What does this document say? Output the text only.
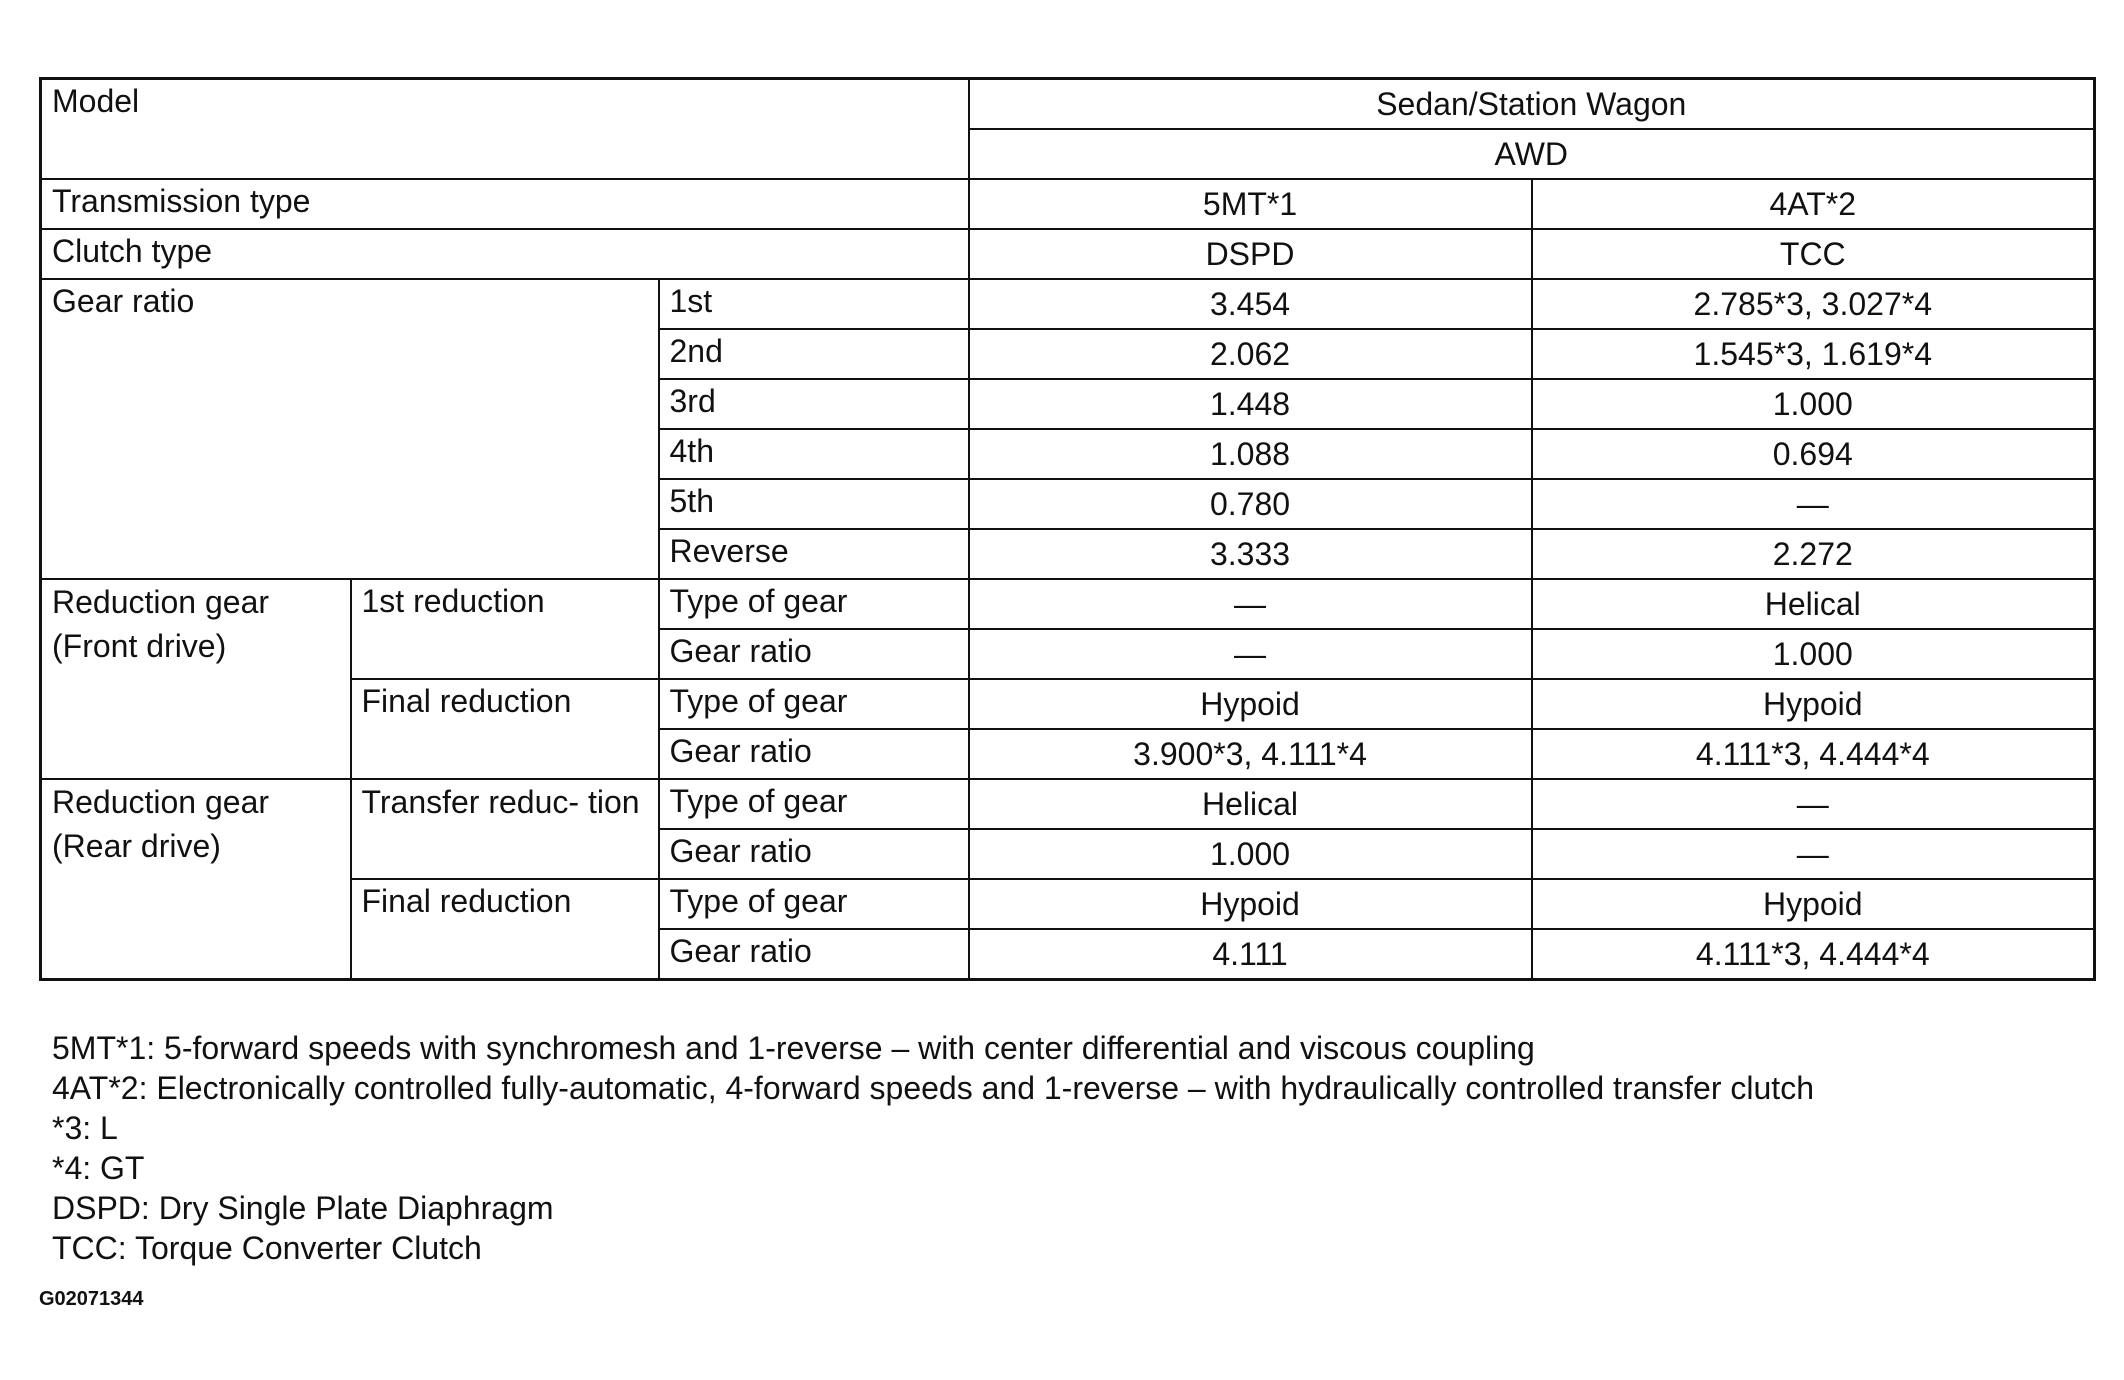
Model			Sedan/Station Wagon	
			AWD	
Transmission type			5MT*1	4AT*2
Clutch type			DSPD	TCC
Gear ratio		1st	3.454	2.785*3, 3.027*4
		2nd	2.062	1.545*3, 1.619*4
		3rd	1.448	1.000
		4th	1.088	0.694
		5th	0.780	—
		Reverse	3.333	2.272
Reduction gear (Front drive)	1st reduction	Type of gear	—	Helical
		Gear ratio	—	1.000
	Final reduction	Type of gear	Hypoid	Hypoid
		Gear ratio	3.900*3, 4.111*4	4.111*3, 4.444*4
Reduction gear (Rear drive)	Transfer reduc- tion	Type of gear	Helical	—
		Gear ratio	1.000	—
	Final reduction	Type of gear	Hypoid	Hypoid
		Gear ratio	4.111	4.111*3, 4.444*4
5MT*1: 5-forward speeds with synchromesh and 1-reverse – with center differential and viscous coupling
4AT*2: Electronically controlled fully-automatic, 4-forward speeds and 1-reverse – with hydraulically controlled transfer clutch
*3: L
*4: GT
DSPD: Dry Single Plate Diaphragm
TCC: Torque Converter Clutch
G02071344
